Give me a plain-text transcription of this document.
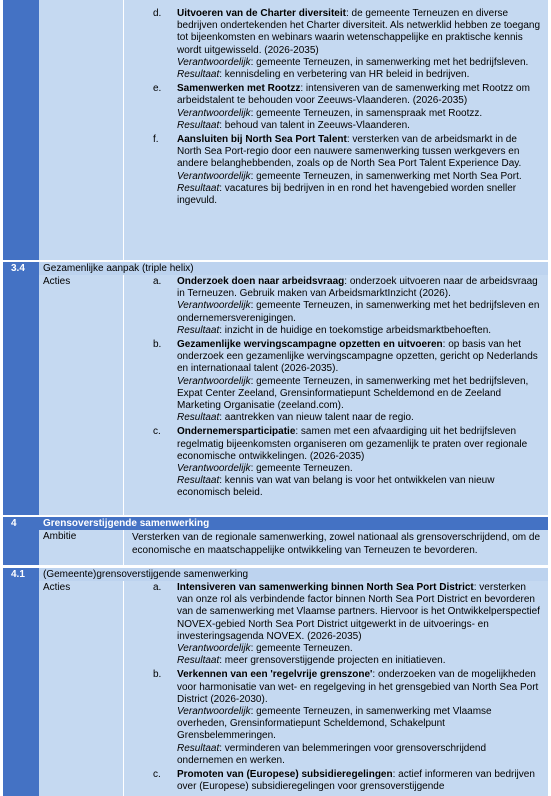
d. Uitvoeren van de Charter diversiteit: de gemeente Terneuzen en diverse bedrijven ondertekenden het Charter diversiteit. Als netwerklid hebben ze toegang tot bijeenkomsten en webinars waarin wetenschappelijke en praktische kennis wordt uitgewisseld. (2026-2035)
Verantwoordelijk: gemeente Terneuzen, in samenwerking met het bedrijfsleven.
Resultaat: kennisdeling en verbetering van HR beleid in bedrijven.
e. Samenwerken met Rootzz: intensiveren van de samenwerking met Rootzz om arbeidstalent te behouden voor Zeeuws-Vlaanderen. (2026-2035)
Verantwoordelijk: gemeente Terneuzen, in samenspraak met Rootzz.
Resultaat: behoud van talent in Zeeuws-Vlaanderen.
f. Aansluiten bij North Sea Port Talent: versterken van de arbeidsmarkt in de North Sea Port-regio door een nauwere samenwerking tussen werkgevers en andere belanghebbenden, zoals op de North Sea Port Talent Experience Day.
Verantwoordelijk: gemeente Terneuzen, in samenwerking met North Sea Port.
Resultaat: vacatures bij bedrijven in en rond het havengebied worden sneller ingevuld.
3.4 Gezamenlijke aanpak (triple helix)
Acties	a. Onderzoek doen naar arbeidsvraag: onderzoek uitvoeren naar de arbeidsvraag in Terneuzen. Gebruik maken van ArbeidsmarktInzicht (2026).
Verantwoordelijk: gemeente Terneuzen, in samenwerking met het bedrijfsleven en ondernemersverenigingen.
Resultaat: inzicht in de huidige en toekomstige arbeidsmarktbehoeften.
b. Gezamenlijke wervingscampagne opzetten en uitvoeren: op basis van het onderzoek een gezamenlijke wervingscampagne opzetten, gericht op Nederlands en internationaal talent (2026-2035).
Verantwoordelijk: gemeente Terneuzen, in samenwerking met het bedrijfsleven, Expat Center Zeeland, Grensinformatiepunt Scheldemond en de Zeeland Marketing Organisatie (zeeland.com).
Resultaat: aantrekken van nieuw talent naar de regio.
c. Ondernemersparticipatie: samen met een afvaardiging uit het bedrijfsleven regelmatig bijeenkomsten organiseren om gezamenlijk te praten over regionale economische ontwikkelingen. (2026-2035)
Verantwoordelijk: gemeente Terneuzen.
Resultaat: kennis van wat van belang is voor het ontwikkelen van nieuw economisch beleid.
4	Grensoverstijgende samenwerking
Ambitie	Versterken van de regionale samenwerking, zowel nationaal als grensoverschrijdend, om de economische en maatschappelijke ontwikkeling van Terneuzen te bevorderen.
4.1 (Gemeente)grensoverstijgende samenwerking
Acties	a. Intensiveren van samenwerking binnen North Sea Port District: versterken van onze rol als verbindende factor binnen North Sea Port District en bevorderen van de samenwerking met Vlaamse partners. Hiervoor is het Ontwikkelperspectief NOVEX-gebied North Sea Port District uitgewerkt in de uitvoerings- en investeringsagenda NOVEX. (2026-2035)
Verantwoordelijk: gemeente Terneuzen.
Resultaat: meer grensoverstijgende projecten en initiatieven.
b. Verkennen van een 'regelvrije grenszone': onderzoeken van de mogelijkheden voor harmonisatie van wet- en regelgeving in het grensgebied van North Sea Port District (2026-2030).
Verantwoordelijk: gemeente Terneuzen, in samenwerking met Vlaamse overheden, Grensinformatiepunt Scheldemond, Schakelpunt Grensbelemmeringen.
Resultaat: verminderen van belemmeringen voor grensoverschrijdend ondernemen en werken.
c. Promoten van (Europese) subsidieregelingen: actief informeren van bedrijven over (Europese) subsidieregelingen voor grensoverstijgende
